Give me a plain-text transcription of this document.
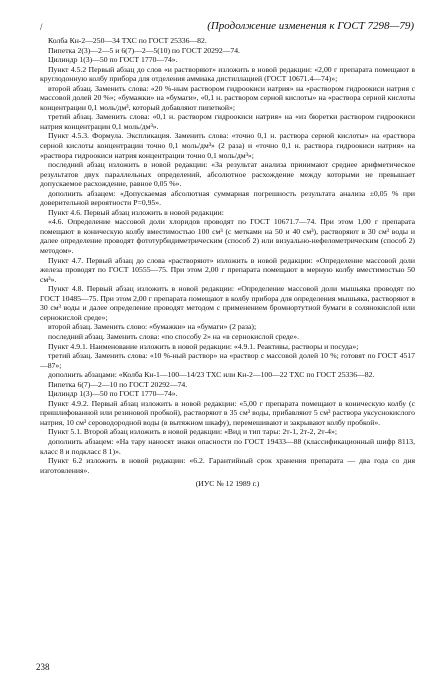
/	(Продолжение изменения к ГОСТ 7298—79)

Колба Кн-2—250—34 ТХС по ГОСТ 25336—82.

Пипетка 2(3)—2—5 и 6(7)—2—5(10) по ГОСТ 20292—74.

Цилиндр 1(3)—50 по ГОСТ 1770—74».

Пункт 4.5.2 Первый абзац до слов «и растворяют» изложить в новой редакции: «2,00 г препарата помещают в круглодонную колбу прибора для отделения аммиака дистиллацией (ГОСТ 10671.4—74)»;

второй абзац. Заменить слова: «20 %-ным раствором гидроокиси натрия» на «раствором гидроокиси натрия с массовой долей 20 %»; «бумажки» на «бумаги», «0,1 н. раствором серной кислоты» на «раствора серной кислоты концентрации 0,1 моль/дм³, который добавляют пипеткой»;

третий абзац. Заменить слова: «0,1 н. раствором гидроокиси натрия» на «из бюретки раствором гидроокиси натрия концентрации 0,1 моль/дм³».

Пункт 4.5.3. Формула. Экспликация. Заменить слова: «точно 0,1 н. раствора серной кислоты» на «раствора серной кислоты концентрации точно 0,1 моль/дм³» (2 раза) и «точно 0,1 н. раствора гидроокиси натрия» на «раствора гидроокиси натрия концентрации точно 0,1 моль/дм³»;

последний абзац изложить в новой редакции: «За результат анализа принимают среднее арифметическое результатов двух параллельных определений, абсолютное расхождение между которыми не превышает допускаемое расхождение, равное 0,05 %».

дополнить абзацем: «Допускаемая абсолютная суммарная погрешность результата анализа ±0,05 % при доверительной вероятности P=0,95».

Пункт 4.6. Первый абзац изложить в новой редакции:

«4.6. Определение массовой доли хлоридов проводят по ГОСТ 10671.7—74. При этом 1,00 г препарата помещают в коническую колбу вместимостью 100 см³ (с метками на 50 и 40 см³), растворяют в 30 см³ воды и далее определение проводят фототурбидиметрическим (способ 2) или визуально-нефелометрическим (способ 2) методом».

Пункт 4.7. Первый абзац до слова «растворяют» изложить в новой редакции: «Определение массовой доли железа проводят по ГОСТ 10555—75. При этом 2,00 г препарата помещают в мерную колбу вместимостью 50 см³».

Пункт 4.8. Первый абзац изложить в новой редакции: «Определение массовой доли мышьяка проводят по ГОСТ 10485—75. При этом 2,00 г препарата помещают в колбу прибора для определения мышьяка, растворяют в 30 см³ воды и далее определение проводят методом с применением бромнортутной бумаги в солянокислой или сернокислой среде»;

второй абзац. Заменить слово: «бумажки» на «бумаги» (2 раза);

последний абзац. Заменить слова: «по способу 2» на «в сернокислой среде».

Пункт 4.9.1. Наименование изложить в новой редакции: «4.9.1. Реактивы, растворы и посуда»;

третий абзац. Заменить слова: «10 %-ный раствор» на «раствор с массовой долей 10 %; готовят по ГОСТ 4517—87»;

дополнить абзацами: «Колба Кн-1—100—14/23 ТХС или Кн-2—100—22 ТХС по ГОСТ 25336—82.

Пипетка 6(7)—2—10 по ГОСТ 20292—74.

Цилиндр 1(3)—50 по ГОСТ 1770—74».

Пункт 4.9.2. Первый абзац изложить в новой редакции: «5,00 г препарата помещают в коническую колбу (с пришлифованной или резиновой пробкой), растворяют в 35 см³ воды, прибавляют 5 см³ раствора уксуснокислого натрия, 10 см³ сероводородной воды (в вытяжном шкафу), перемешивают и закрывают колбу пробкой».

Пункт 5.1. Второй абзац изложить в новой редакции: «Вид и тип тары: 2т-1, 2т-2, 2т-4»;

дополнить абзацем: «На тару наносят знаки опасности по ГОСТ 19433—88 (классификационный шифр 8113, класс 8 и подкласс 8 1)».

Пункт 6.2 изложить в новой редакции: «6.2. Гарантийный срок хранения препарата — два года со дня изготовления».

(ИУС № 12 1989 г.)

238
